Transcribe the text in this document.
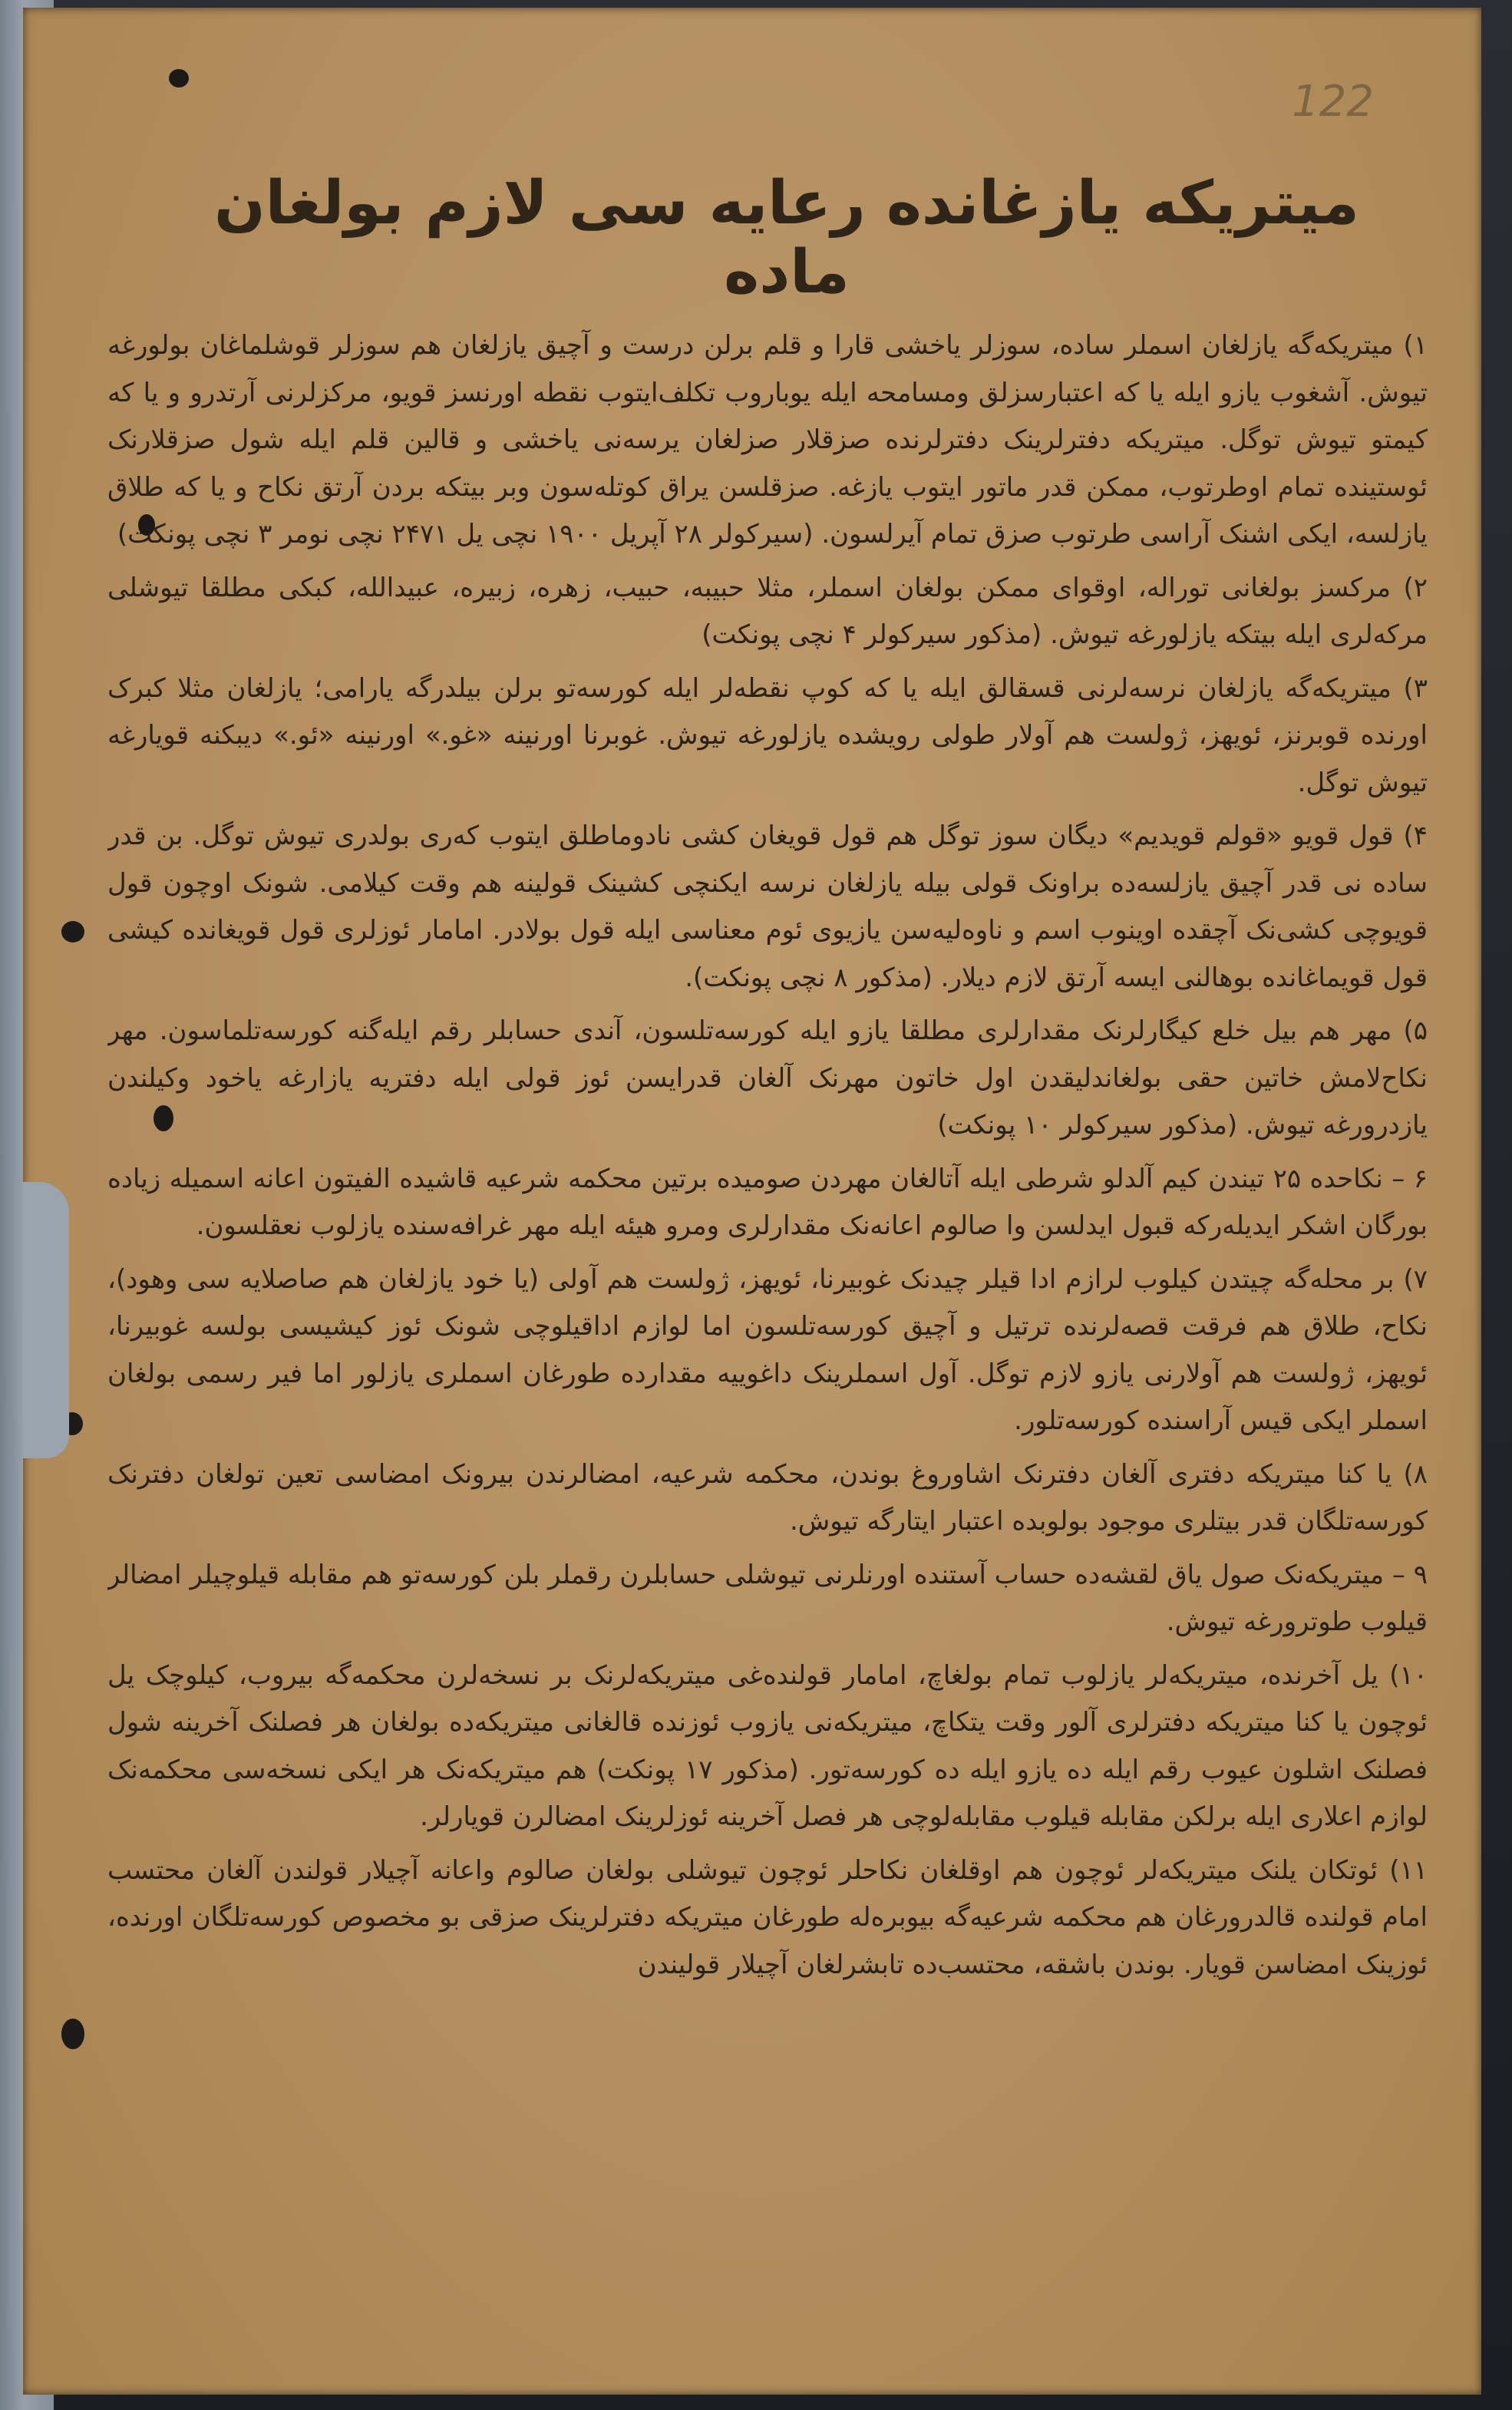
122
میتریکه یازغانده رعایه سی لازم بولغان ماده

۱) میتریکه‌گه یازلغان اسملر ساده، سوزلر یاخشی قارا و قلم برلن درست و آچیق یازلغان هم سوزلر قوشلماغان بولورغه تیوش. آشغوب یازو ایله یا که اعتبارسزلق ومسامحه ایله یوباروب تکلف‌ایتوب نقطه اورنسز قویو، مرکزلرنی آرتدرو و یا که کیمتو تیوش توگل. میتریکه دفترلرینک دفترلرنده صزقلار صزلغان یرسه‌نی یاخشی و قالین قلم ایله شول صزقلارنک ئوستینده تمام اوطرتوب، ممکن قدر ماتور ایتوب یازغه. صزقلسن یراق کوتله‌سون وبر بیتکه بردن آرتق نکاح و یا که طلاق یازلسه، ایکی اشنک آراسی طرتوب صزق تمام آیرلسون. (سیرکولر ۲۸ آپریل ۱۹۰۰ نچی یل ۲۴۷۱ نچی نومر ۳ نچی پونکت)

۲) مرکسز بولغانی توراله، اوقوای ممکن بولغان اسملر، مثلا حبیبه، حبیب، زهره، زبیره، عبیدالله، کبکی مطلقا تیوشلی مرکه‌لری ایله بیتکه یازلورغه تیوش. (مذکور سیرکولر ۴ نچی پونکت)

۳) میتریکه‌گه یازلغان نرسه‌لرنی قسقالق ایله یا که کوپ نقطه‌لر ایله کورسه‌تو برلن بیلدرگه یارامی؛ یازلغان مثلا کبرک اورنده قوبرنز، ئویهز، ژولست هم آولار طولی رویشده یازلورغه تیوش. غوبرنا اورنینه «غو.» اورنینه «ئو.» دیبکنه قویارغه تیوش توگل.

۴) قول قویو «قولم قویدیم» دیگان سوز توگل هم قول قویغان کشی نادوماطلق ایتوب که‌ری بولدری تیوش توگل. بن قدر ساده نی قدر آچیق یازلسه‌ده براونک قولی بیله یازلغان نرسه ایکنچی کشینک قولینه هم وقت کیلامی. شونک اوچون قول قویوچی کشی‌نک آچقده اوینوب اسم و ناوه‌لیه‌سن یازیوی ئوم معناسی ایله قول بولادر. امامار ئوزلری قول قویغانده کیشی قول قویماغانده بوهالنی ایسه آرتق لازم دیلار. (مذکور ۸ نچی پونکت).

۵) مهر هم بیل خلع کیگارلرنک مقدارلری مطلقا یازو ایله کورسه‌تلسون، آندی حسابلر رقم ایله‌گنه کورسه‌تلماسون. مهر نکاح‌لامش خاتین حقی بولغاندلیقدن اول خاتون مهرنک آلغان قدرایسن ئوز قولی ایله دفتریه یازارغه یاخود وکیلندن یازدرورغه تیوش. (مذکور سیرکولر ۱۰ پونکت)

۶ – نکاحده ۲۵ تیندن کیم آلدلو شرطی ایله آتالغان مهردن صومیده برتین محکمه شرعیه قاشیده الفیتون اعانه اسمیله زیاده‌ بورگان اشکر ایدیله‌رکه قبول ایدلسن وا صالوم اعانه‌نک مقدارلری ومرو هیئه ایله مهر غرافه‌سنده یازلوب نعقلسون.

۷) بر محله‌گه چیتدن کیلوب لرازم ادا قیلر چیدنک غوبیرنا، ئویهز، ژولست هم آولی (یا خود یازلغان هم صاصلایه سی وهود)، نکاح، طلاق هم فرقت قصه‌لرنده ترتیل و آچیق کورسه‌تلسون اما لوازم اداقیلوچی شونک ئوز کیشیسی بولسه غوبیرنا، ئویهز، ژولست هم آولارنی یازو لازم توگل. آول اسملرینک داغوییه مقدارده طورغان اسملری یازلور اما فیر رسمی بولغان اسملر ایکی قیس آراسنده کورسه‌تلور.

۸) یا کنا میتریکه دفتری آلغان دفترنک اشاوروغ بوندن، محکمه شرعیه، امضالرندن بیرونک امضاسی تعین تولغان دفترنک کورسه‌تلگان قدر بیتلری موجود بولوبده اعتبار ایتارگه تیوش.

۹ – میتریکه‌نک صول یاق لقشه‌ده حساب آستنده اورنلرنی تیوشلی حسابلرن رقملر بلن کورسه‌تو هم مقابله قیلوچیلر امضالر قیلوب طوترورغه تیوش.

۱۰) یل آخرنده، میتریکه‌لر یازلوب تمام بولغاچ، امامار قولنده‌غی میتریکه‌لرنک بر نسخه‌لرن محکمه‌گه بیروب، کیلوچک یل ئوچون یا کنا میتریکه دفترلری آلور وقت یتکاچ، میتریکه‌نی یازوب ئوزنده قالغانی میتریکه‌ده بولغان هر فصلنک آخرینه شول فصلنک اشلون عیوب رقم ایله ده یازو ایله ده کورسه‌تور. (مذکور ۱۷ پونکت) هم میتریکه‌نک هر ایکی نسخه‌سی محکمه‌نک لوازم اعلاری ایله بر‌لکن مقابله قیلوب مقابله‌لوچی هر فصل آخرینه ئوزلرینک امضالرن قویارلر.

۱۱) ئوتکان یلنک میتریکه‌لر ئوچون هم اوقلغان نکاحلر ئوچون تیوشلی بولغان صالوم واعانه آچیلار قولندن آلغان محتسب امام قولنده قالدرورغان هم محکمه شرعیه‌گه بیوبره‌له طورغان میتریکه دفترلرینک صزقی بو مخصوص کورسه‌تلگان اورنده، ئوزینک امضاسن قویار. بوندن باشقه، محتسب‌ده تابشرلغان آچیلار قولیندن
